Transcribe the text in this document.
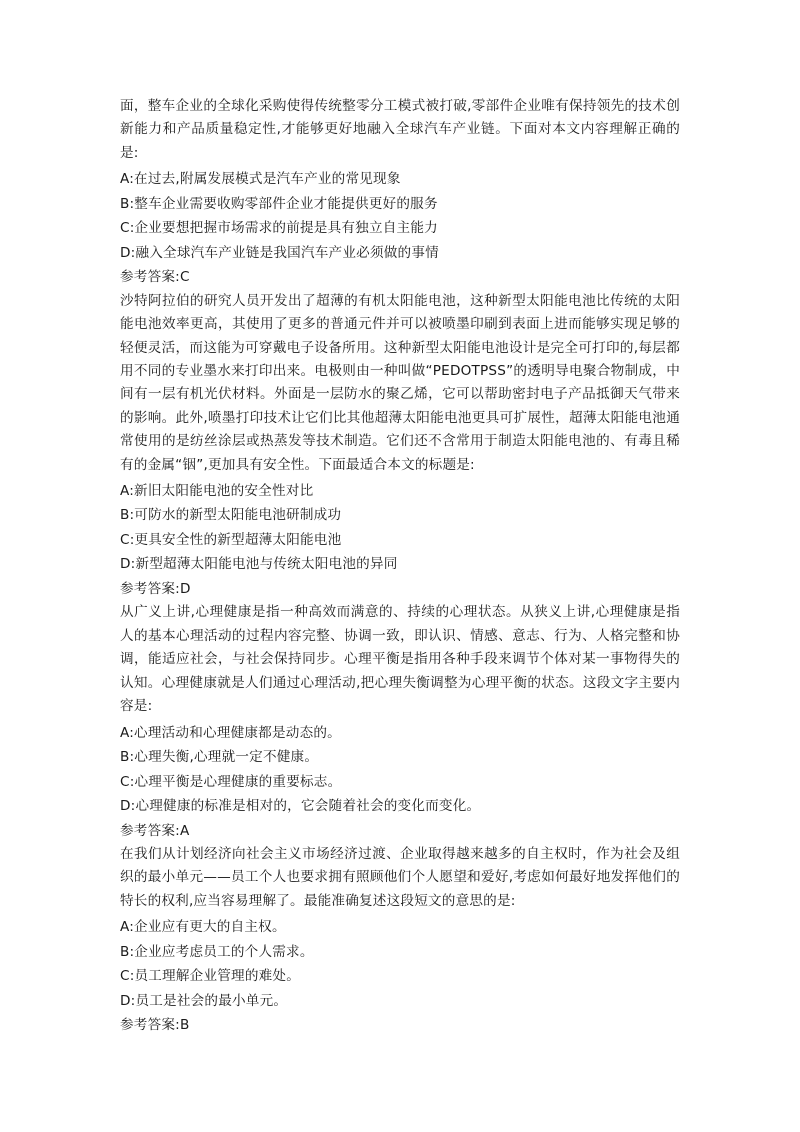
面，整车企业的全球化采购使得传统整零分工模式被打破,零部件企业唯有保持领先的技术创新能力和产品质量稳定性,才能够更好地融入全球汽车产业链。下面对本文内容理解正确的是:

A:在过去,附属发展模式是汽车产业的常见现象

B:整车企业需要收购零部件企业才能提供更好的服务

C:企业要想把握市场需求的前提是具有独立自主能力

D:融入全球汽车产业链是我国汽车产业必须做的事情

参考答案:C

沙特阿拉伯的研究人员开发出了超薄的有机太阳能电池，这种新型太阳能电池比传统的太阳能电池效率更高，其使用了更多的普通元件并可以被喷墨印刷到表面上进而能够实现足够的轻便灵活，而这能为可穿戴电子设备所用。这种新型太阳能电池设计是完全可打印的,每层都用不同的专业墨水来打印出来。电极则由一种叫做“PEDOTPSS”的透明导电聚合物制成，中间有一层有机光伏材料。外面是一层防水的聚乙烯，它可以帮助密封电子产品抵御天气带来的影响。此外,喷墨打印技术让它们比其他超薄太阳能电池更具可扩展性，超薄太阳能电池通常使用的是纺丝涂层或热蒸发等技术制造。它们还不含常用于制造太阳能电池的、有毒且稀有的金属“铟”,更加具有安全性。下面最适合本文的标题是:

A:新旧太阳能电池的安全性对比

B:可防水的新型太阳能电池研制成功

C:更具安全性的新型超薄太阳能电池

D:新型超薄太阳能电池与传统太阳电池的异同

参考答案:D

从广义上讲,心理健康是指一种高效而满意的、持续的心理状态。从狭义上讲,心理健康是指人的基本心理活动的过程内容完整、协调一致，即认识、情感、意志、行为、人格完整和协调，能适应社会，与社会保持同步。心理平衡是指用各种手段来调节个体对某一事物得失的认知。心理健康就是人们通过心理活动,把心理失衡调整为心理平衡的状态。这段文字主要内容是:

A:心理活动和心理健康都是动态的。

B:心理失衡,心理就一定不健康。

C:心理平衡是心理健康的重要标志。

D:心理健康的标准是相对的，它会随着社会的变化而变化。

参考答案:A

在我们从计划经济向社会主义市场经济过渡、企业取得越来越多的自主权时，作为社会及组织的最小单元——员工个人也要求拥有照顾他们个人愿望和爱好,考虑如何最好地发挥他们的特长的权利,应当容易理解了。最能准确复述这段短文的意思的是:

A:企业应有更大的自主权。

B:企业应考虑员工的个人需求。

C:员工理解企业管理的难处。

D:员工是社会的最小单元。

参考答案:B
